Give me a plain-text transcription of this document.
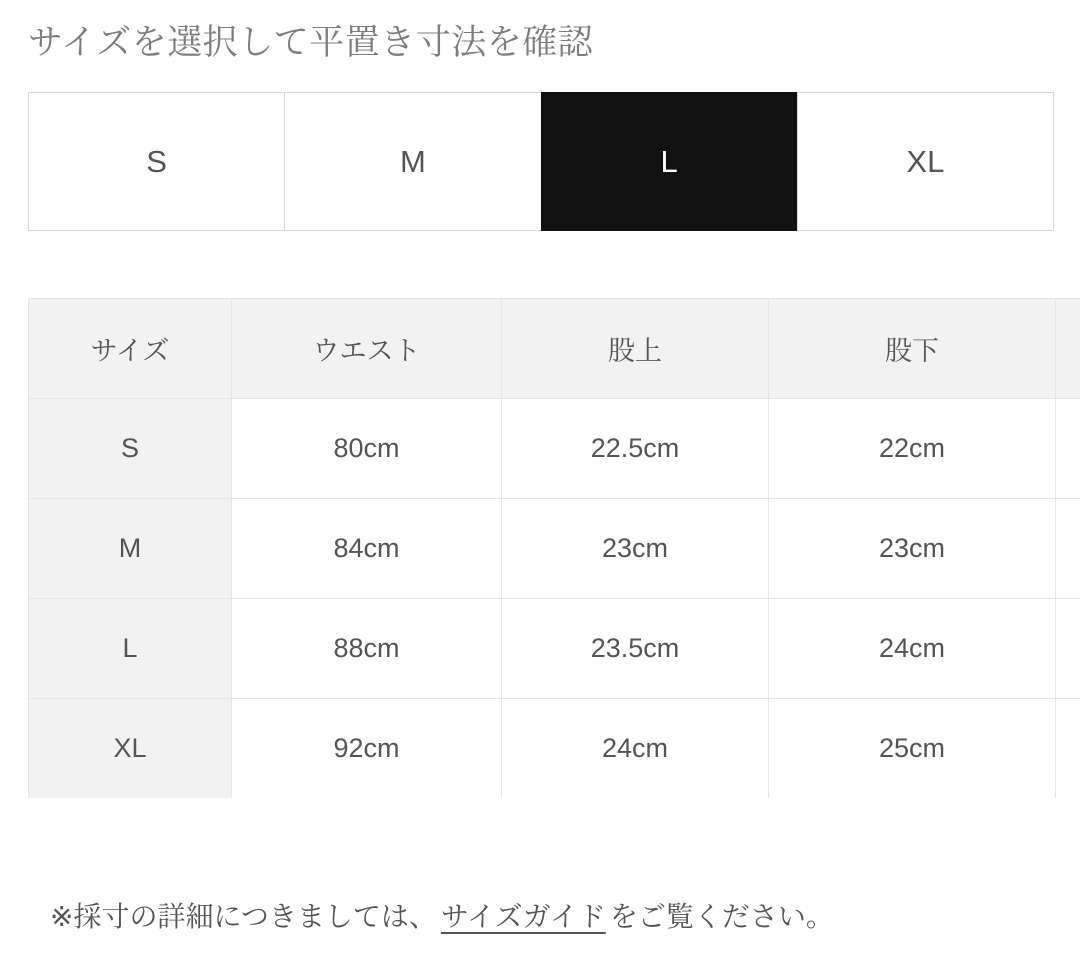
サイズを選択して平置き寸法を確認
S	M	L	XL
サイズ	ウエスト	股上	股下	
S	80cm	22.5cm	22cm	
M	84cm	23cm	23cm	
L	88cm	23.5cm	24cm	
XL	92cm	24cm	25cm	
※採寸の詳細につきましては、 サイズガイド をご覧ください。
